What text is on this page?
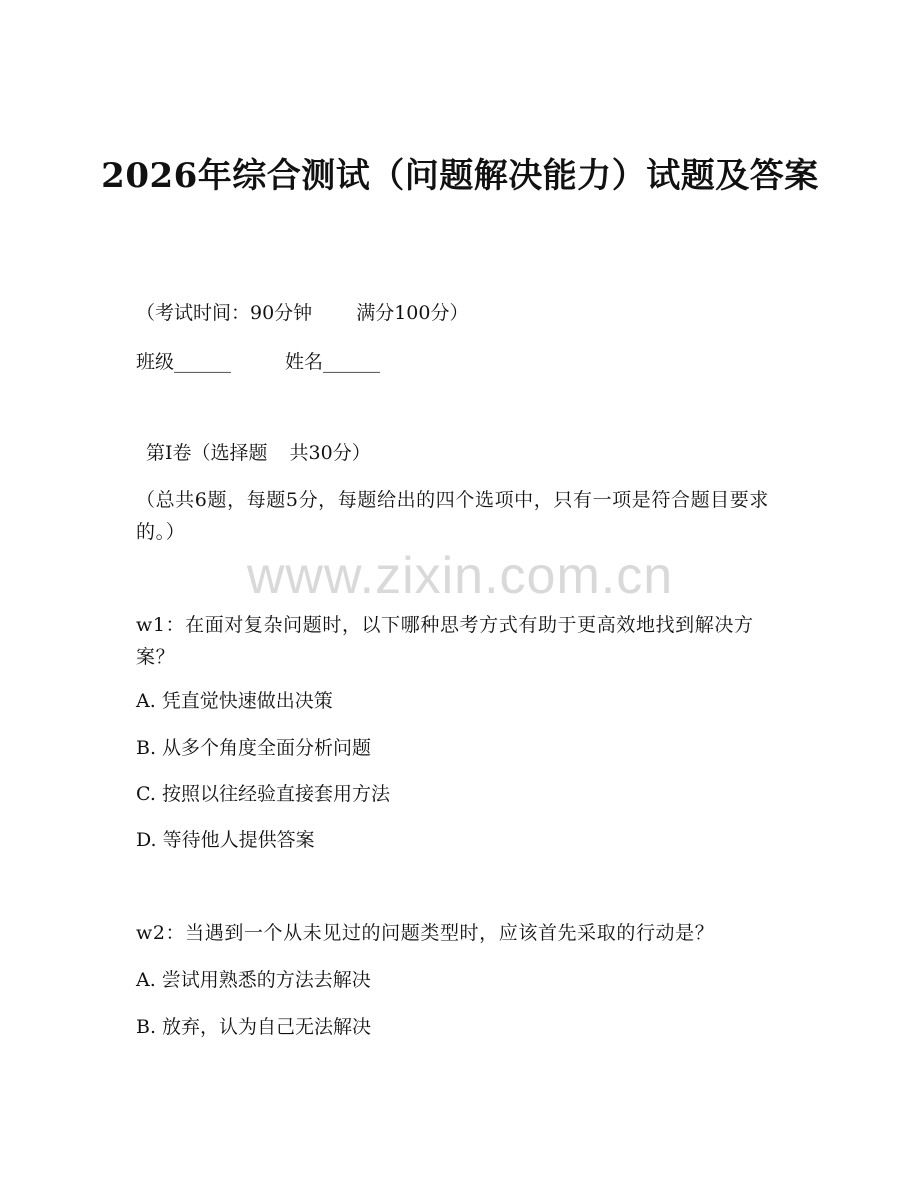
2026年综合测试（问题解决能力）试题及答案
（考试时间：90分钟 满分100分）
班级______	姓名______
第Ⅰ卷（选择题 共30分）
（总共6题，每题5分，每题给出的四个选项中，只有一项是符合题目要求的。）
www.zixin.com.cn
w1：在面对复杂问题时，以下哪种思考方式有助于更高效地找到解决方案？
A. 凭直觉快速做出决策
B. 从多个角度全面分析问题
C. 按照以往经验直接套用方法
D. 等待他人提供答案
w2：当遇到一个从未见过的问题类型时，应该首先采取的行动是？
A. 尝试用熟悉的方法去解决
B. 放弃，认为自己无法解决
